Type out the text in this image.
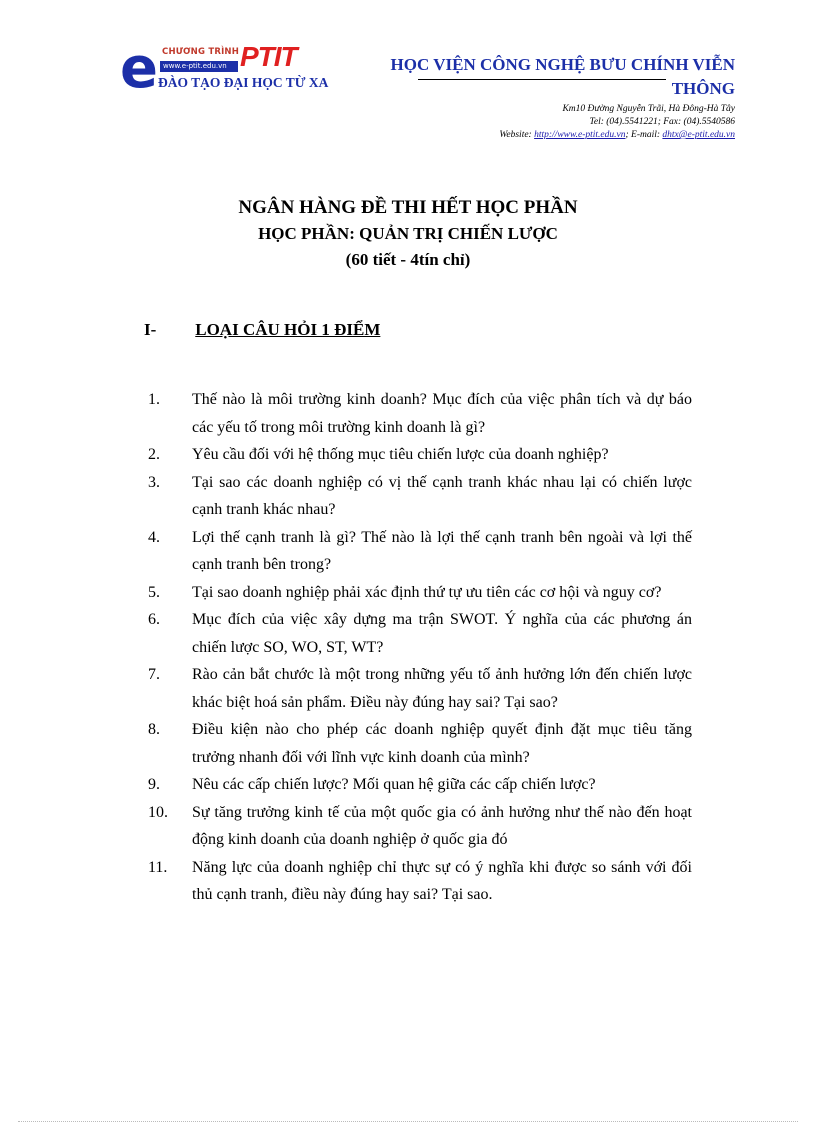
e CHƯƠNG TRÌNH
www.e-ptit.edu.vn PTIT
ĐÀO TẠO ĐẠI HỌC TỪ XA
HỌC VIỆN CÔNG NGHỆ BƯU CHÍNH VIỄN THÔNG
Km10 Đường Nguyễn Trãi, Hà Đông-Hà Tây
Tel: (04).5541221; Fax: (04).5540586
Website: http://www.e-ptit.edu.vn; E-mail: dhtx@e-ptit.edu.vn
NGÂN HÀNG ĐỀ THI HẾT HỌC PHẦN
HỌC PHẦN: QUẢN TRỊ CHIẾN LƯỢC
(60 tiết - 4tín chỉ)
I- LOẠI CÂU HỎI 1 ĐIỂM
1.	Thế nào là môi trường kinh doanh? Mục đích của việc phân tích và dự báo các yếu tố trong môi trường kinh doanh là gì?
2.	Yêu cầu đối với hệ thống mục tiêu chiến lược của doanh nghiệp?
3.	Tại sao các doanh nghiệp có vị thế cạnh tranh khác nhau lại có chiến lược cạnh tranh khác nhau?
4.	Lợi thế cạnh tranh là gì? Thế nào là lợi thế cạnh tranh bên ngoài và lợi thế cạnh tranh bên trong?
5.	Tại sao doanh nghiệp phải xác định thứ tự ưu tiên các cơ hội và nguy cơ?
6.	Mục đích của việc xây dựng ma trận SWOT. Ý nghĩa của các phương án chiến lược SO, WO, ST, WT?
7.	Rào cản bắt chước là một trong những yếu tố ảnh hưởng lớn đến chiến lược khác biệt hoá sản phẩm. Điều này đúng hay sai? Tại sao?
8.	Điều kiện nào cho phép các doanh nghiệp quyết định đặt mục tiêu tăng trưởng nhanh đối với lĩnh vực kinh doanh của mình?
9.	Nêu các cấp chiến lược? Mối quan hệ giữa các cấp chiến lược?
10.	Sự tăng trưởng kinh tế của một quốc gia có ảnh hưởng như thế nào đến hoạt động kinh doanh của doanh nghiệp ở quốc gia đó
11.	Năng lực của doanh nghiệp chỉ thực sự có ý nghĩa khi được so sánh với đối thủ cạnh tranh, điều này đúng hay sai? Tại sao.
